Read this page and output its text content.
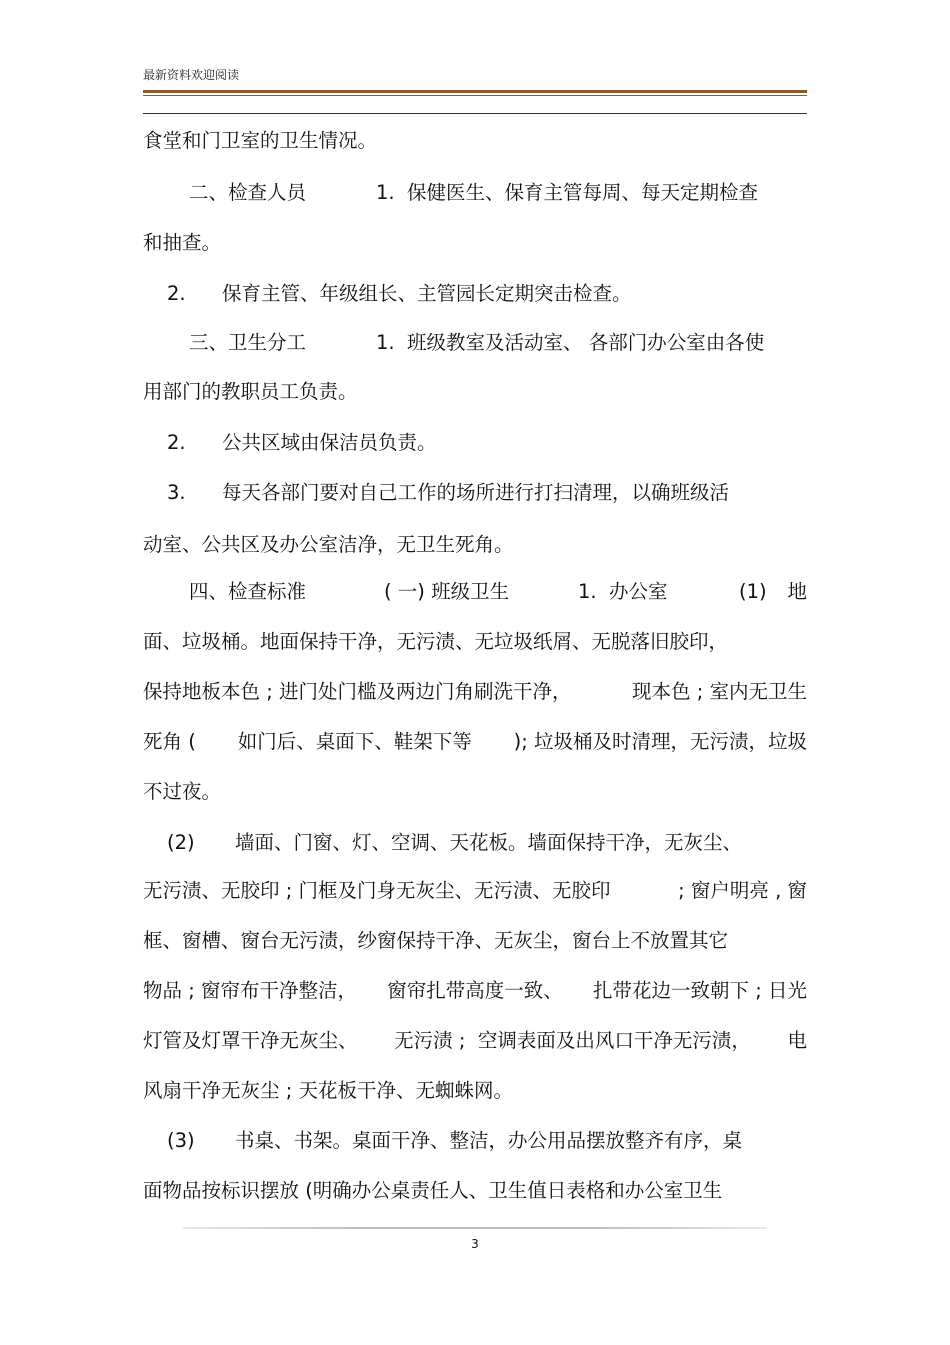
最新资料欢迎阅读
食堂和门卫室的卫生情况。
二、检查人员	1.  保健医生、保育主管每周、每天定期检查
和抽查。
2. 保育主管、年级组长、主管园长定期突击检查。
三、卫生分工	1.  班级教室及活动室、 各部门办公室由各使
用部门的教职员工负责。
2. 公共区域由保洁员负责。
3. 每天各部门要对自己工作的场所进行打扫清理，以确班级活
动室、公共区及办公室洁净，无卫生死角。
四、检查标准	( 一) 班级卫生	1.  办公室	(1) 地
面、垃圾桶。地面保持干净，无污渍、无垃圾纸屑、无脱落旧胶印，
保持地板本色 ; 进门处门槛及两边门角刷洗干净，	现本色 ; 室内无卫生
死角 ( 如门后、桌面下、鞋架下等 ); 垃圾桶及时清理，无污渍，垃圾
不过夜。
(2) 墙面、门窗、灯、空调、天花板。墙面保持干净，无灰尘、
无污渍、无胶印 ; 门框及门身无灰尘、无污渍、无胶印	; 窗户明亮 , 窗
框、窗槽、窗台无污渍，纱窗保持干净、无灰尘，窗台上不放置其它
物品 ; 窗帘布干净整洁， 窗帘扎带高度一致、 扎带花边一致朝下 ; 日光
灯管及灯罩干净无灰尘、 无污渍 ;  空调表面及出风口干净无污渍， 电
风扇干净无灰尘 ; 天花板干净、无蜘蛛网。
(3) 书桌、书架。桌面干净、整洁，办公用品摆放整齐有序，桌
面物品按标识摆放 (明确办公桌责任人、卫生值日表格和办公室卫生
3
